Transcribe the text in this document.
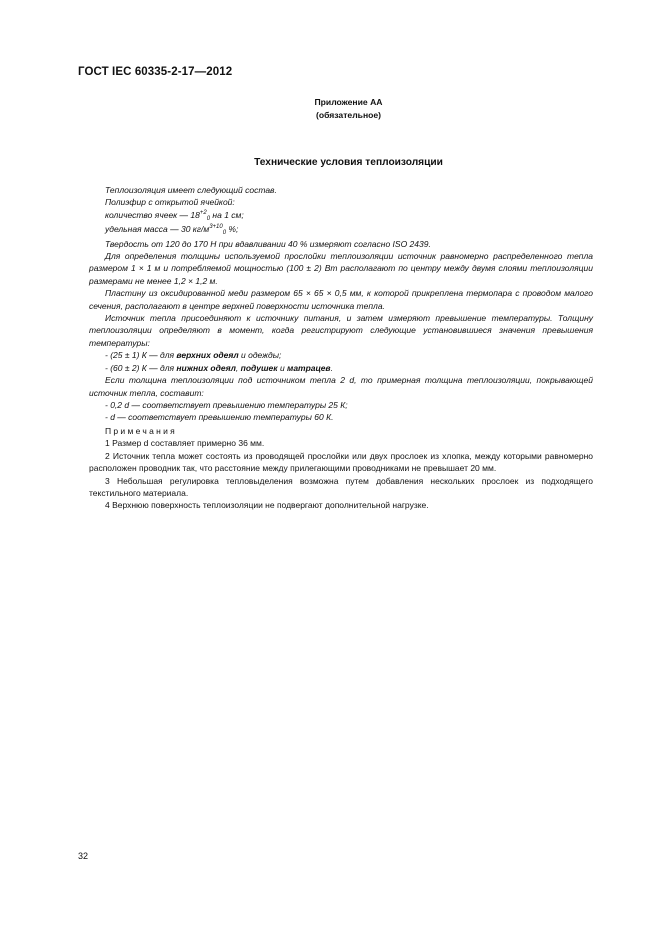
ГОСТ IEC 60335-2-17—2012
Приложение АА
(обязательное)
Технические условия теплоизоляции

Теплоизоляция имеет следующий состав.

Полиэфир с открытой ячейкой:

количество ячеек — $18^{+2}_0$ на 1 см;

удельная масса — 30 $кг/м^{3+10}_0$ %;

Твердость от 120 до 170 Н при вдавливании 40 % измеряют согласно ISO 2439.

Для определения толщины используемой прослойки теплоизоляции источник равномерно распределенного тепла размером 1 × 1 м и потребляемой мощностью (100 ± 2) Вт располагают по центру между двумя слоями теплоизоляции размерами не менее 1,2 × 1,2 м.

Пластину из оксидированной меди размером 65 × 65 × 0,5 мм, к которой прикреплена термопара с проводом малого сечения, располагают в центре верхней поверхности источника тепла.

Источник тепла присоединяют к источнику питания, и затем измеряют превышение температуры. Толщину теплоизоляции определяют в момент, когда регистрируют следующие установившиеся значения превышения температуры:

- (25 ± 1) К — для верхних одеял и одежды;

- (60 ± 2) К — для нижних одеял, подушек и матрацев.

Если толщина теплоизоляции под источником тепла 2 d, то примерная толщина теплоизоляции, покрывающей источник тепла, составит:

- 0,2 d — соответствует превышению температуры 25 К;

- d — соответствует превышению температуры 60 К.

Примечания

1 Размер d составляет примерно 36 мм.

2 Источник тепла может состоять из проводящей прослойки или двух прослоек из хлопка, между которыми равномерно расположен проводник так, что расстояние между прилегающими проводниками не превышает 20 мм.

3 Небольшая регулировка тепловыделения возможна путем добавления нескольких прослоек из подходящего текстильного материала.

4 Верхнюю поверхность теплоизоляции не подвергают дополнительной нагрузке.

32
